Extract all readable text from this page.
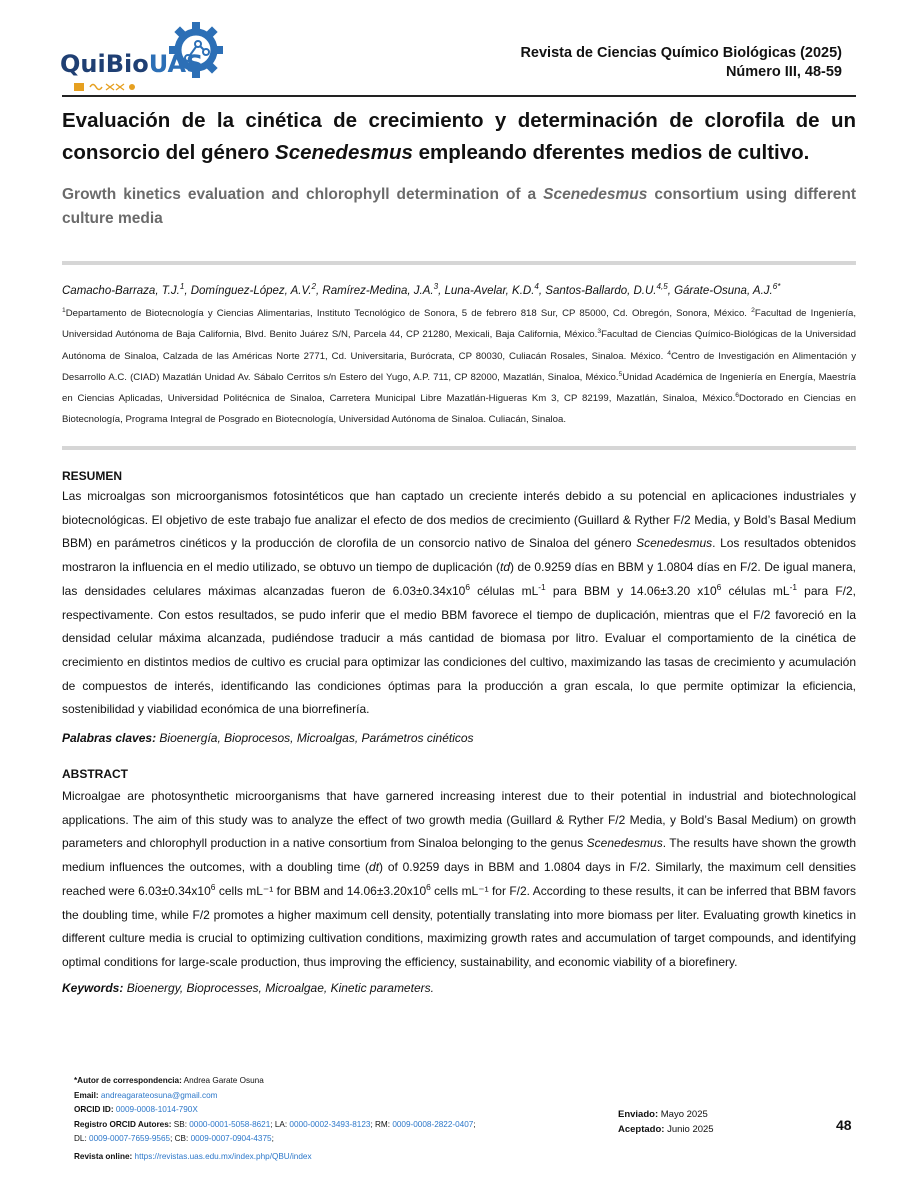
QuiBioUAS	Revista de Ciencias Químico Biológicas (2025)
Número III, 48-59
Evaluación de la cinética de crecimiento y determinación de clorofila de un consorcio del género Scenedesmus empleando dferentes medios de cultivo.
Growth kinetics evaluation and chlorophyll determination of a Scenedesmus consortium using different culture media
Camacho-Barraza, T.J.$^1$, Domínguez-López, A.V.$^2$, Ramírez-Medina, J.A.$^3$, Luna-Avelar, K.D.$^4$, Santos-Ballardo, D.U.$^{4,5}$, Gárate-Osuna, A.J.$^{6*}$
$^1$Departamento de Biotecnología y Ciencias Alimentarias, Instituto Tecnológico de Sonora, 5 de febrero 818 Sur, CP 85000, Cd. Obregón, Sonora, México. $^2$Facultad de Ingeniería, Universidad Autónoma de Baja California, Blvd. Benito Juárez S/N, Parcela 44, CP 21280, Mexicali, Baja California, México.$^3$Facultad de Ciencias Químico-Biológicas de la Universidad Autónoma de Sinaloa, Calzada de las Américas Norte 2771, Cd. Universitaria, Burócrata, CP 80030, Culiacán Rosales, Sinaloa. México. $^4$Centro de Investigación en Alimentación y Desarrollo A.C. (CIAD) Mazatlán Unidad Av. Sábalo Cerritos s/n Estero del Yugo, A.P. 711, CP 82000, Mazatlán, Sinaloa, México.$^5$Unidad Académica de Ingeniería en Energía, Maestría en Ciencias Aplicadas, Universidad Politécnica de Sinaloa, Carretera Municipal Libre Mazatlán-Higueras Km 3, CP 82199, Mazatlán, Sinaloa, México.$^6$Doctorado en Ciencias en Biotecnología, Programa Integral de Posgrado en Biotecnología, Universidad Autónoma de Sinaloa. Culiacán, Sinaloa.
RESUMEN
Las microalgas son microorganismos fotosintéticos que han captado un creciente interés debido a su potencial en aplicaciones industriales y biotecnológicas. El objetivo de este trabajo fue analizar el efecto de dos medios de crecimiento (Guillard & Ryther F/2 Media, y Bold’s Basal Medium BBM) en parámetros cinéticos y la producción de clorofila de un consorcio nativo de Sinaloa del género Scenedesmus. Los resultados obtenidos mostraron la influencia en el medio utilizado, se obtuvo un tiempo de duplicación (td) de 0.9259 días en BBM y 1.0804 días en F/2. De igual manera, las densidades celulares máximas alcanzadas fueron de $6.03\pm 0.34x10^6$ células $mL^{-1}$ para BBM y 14.06±3.20 $x10^6$ células $mL^{-1}$ para F/2, respectivamente. Con estos resultados, se pudo inferir que el medio BBM favorece el tiempo de duplicación, mientras que el F/2 favoreció en la densidad celular máxima alcanzada, pudiéndose traducir a más cantidad de biomasa por litro. Evaluar el comportamiento de la cinética de crecimiento en distintos medios de cultivo es crucial para optimizar las condiciones del cultivo, maximizando las tasas de crecimiento y acumulación de compuestos de interés, identificando las condiciones óptimas para la producción a gran escala, lo que permite optimizar la eficiencia, sostenibilidad y viabilidad económica de una biorrefinería.
Palabras claves: Bioenergía, Bioprocesos, Microalgas, Parámetros cinéticos
ABSTRACT
Microalgae are photosynthetic microorganisms that have garnered increasing interest due to their potential in industrial and biotechnological applications. The aim of this study was to analyze the effect of two growth media (Guillard & Ryther F/2 Media, y Bold’s Basal Medium) on growth parameters and chlorophyll production in a native consortium from Sinaloa belonging to the genus Scenedesmus. The results have shown the growth medium influences the outcomes, with a doubling time (dt) of 0.9259 days in BBM and 1.0804 days in F/2. Similarly, the maximum cell densities reached were $6.03\pm 0.34x10^6$ cells mL⁻¹ for BBM and $14.06\pm 3.20x10^6$ cells mL⁻¹ for F/2. According to these results, it can be inferred that BBM favors the doubling time, while F/2 promotes a higher maximum cell density, potentially translating into more biomass per liter. Evaluating growth kinetics in different culture media is crucial to optimizing cultivation conditions, maximizing growth rates and accumulation of target compounds, and identifying optimal conditions for large-scale production, thus improving the efficiency, sustainability, and economic viability of a biorefinery.
Keywords: Bioenergy, Bioprocesses, Microalgae, Kinetic parameters.
*Autor de correspondencia: Andrea Garate Osuna
Email: andreagarateosuna@gmail.com
ORCID ID: 0009-0008-1014-790X
Registro ORCID Autores: SB: 0000-0001-5058-8621; LA: 0000-0002-3493-8123; RM: 0009-0008-2822-0407;
DL: 0009-0007-7659-9565; CB: 0009-0007-0904-4375;
Revista online: https://revistas.uas.edu.mx/index.php/QBU/index
Enviado: Mayo 2025
Aceptado: Junio 2025	48
